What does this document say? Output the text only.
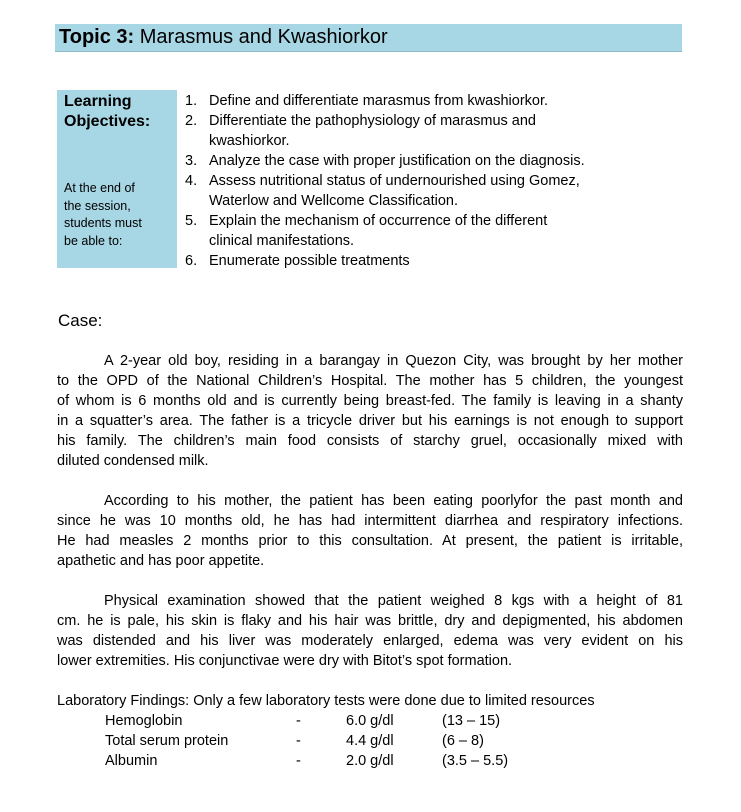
Topic 3: Marasmus and Kwashiorkor
Learning
Objectives:
At the end of
the session,
students must
be able to:
1. Define and differentiate marasmus from kwashiorkor.
2. Differentiate the pathophysiology of marasmus and
kwashiorkor.
3. Analyze the case with proper justification on the diagnosis.
4. Assess nutritional status of undernourished using Gomez,
Waterlow and Wellcome Classification.
5. Explain the mechanism of occurrence of the different
clinical manifestations.
6. Enumerate possible treatments
Case:
A 2-year old boy, residing in a barangay in Quezon City, was brought by her mother
to the OPD of the National Children’s Hospital. The mother has 5 children, the youngest
of whom is 6 months old and is currently being breast-fed. The family is leaving in a shanty
in a squatter’s area. The father is a tricycle driver but his earnings is not enough to support
his family. The children’s main food consists of starchy gruel, occasionally mixed with
diluted condensed milk.
According to his mother, the patient has been eating poorlyfor the past month and
since he was 10 months old, he has had intermittent diarrhea and respiratory infections.
He had measles 2 months prior to this consultation. At present, the patient is irritable,
apathetic and has poor appetite.
Physical examination showed that the patient weighed 8 kgs with a height of 81
cm. he is pale, his skin is flaky and his hair was brittle, dry and depigmented, his abdomen
was distended and his liver was moderately enlarged, edema was very evident on his
lower extremities. His conjunctivae were dry with Bitot’s spot formation.
Laboratory Findings: Only a few laboratory tests were done due to limited resources
Hemoglobin	-	6.0 g/dl	(13 – 15)
Total serum protein	-	4.4 g/dl	(6 – 8)
Albumin	-	2.0 g/dl	(3.5 – 5.5)
